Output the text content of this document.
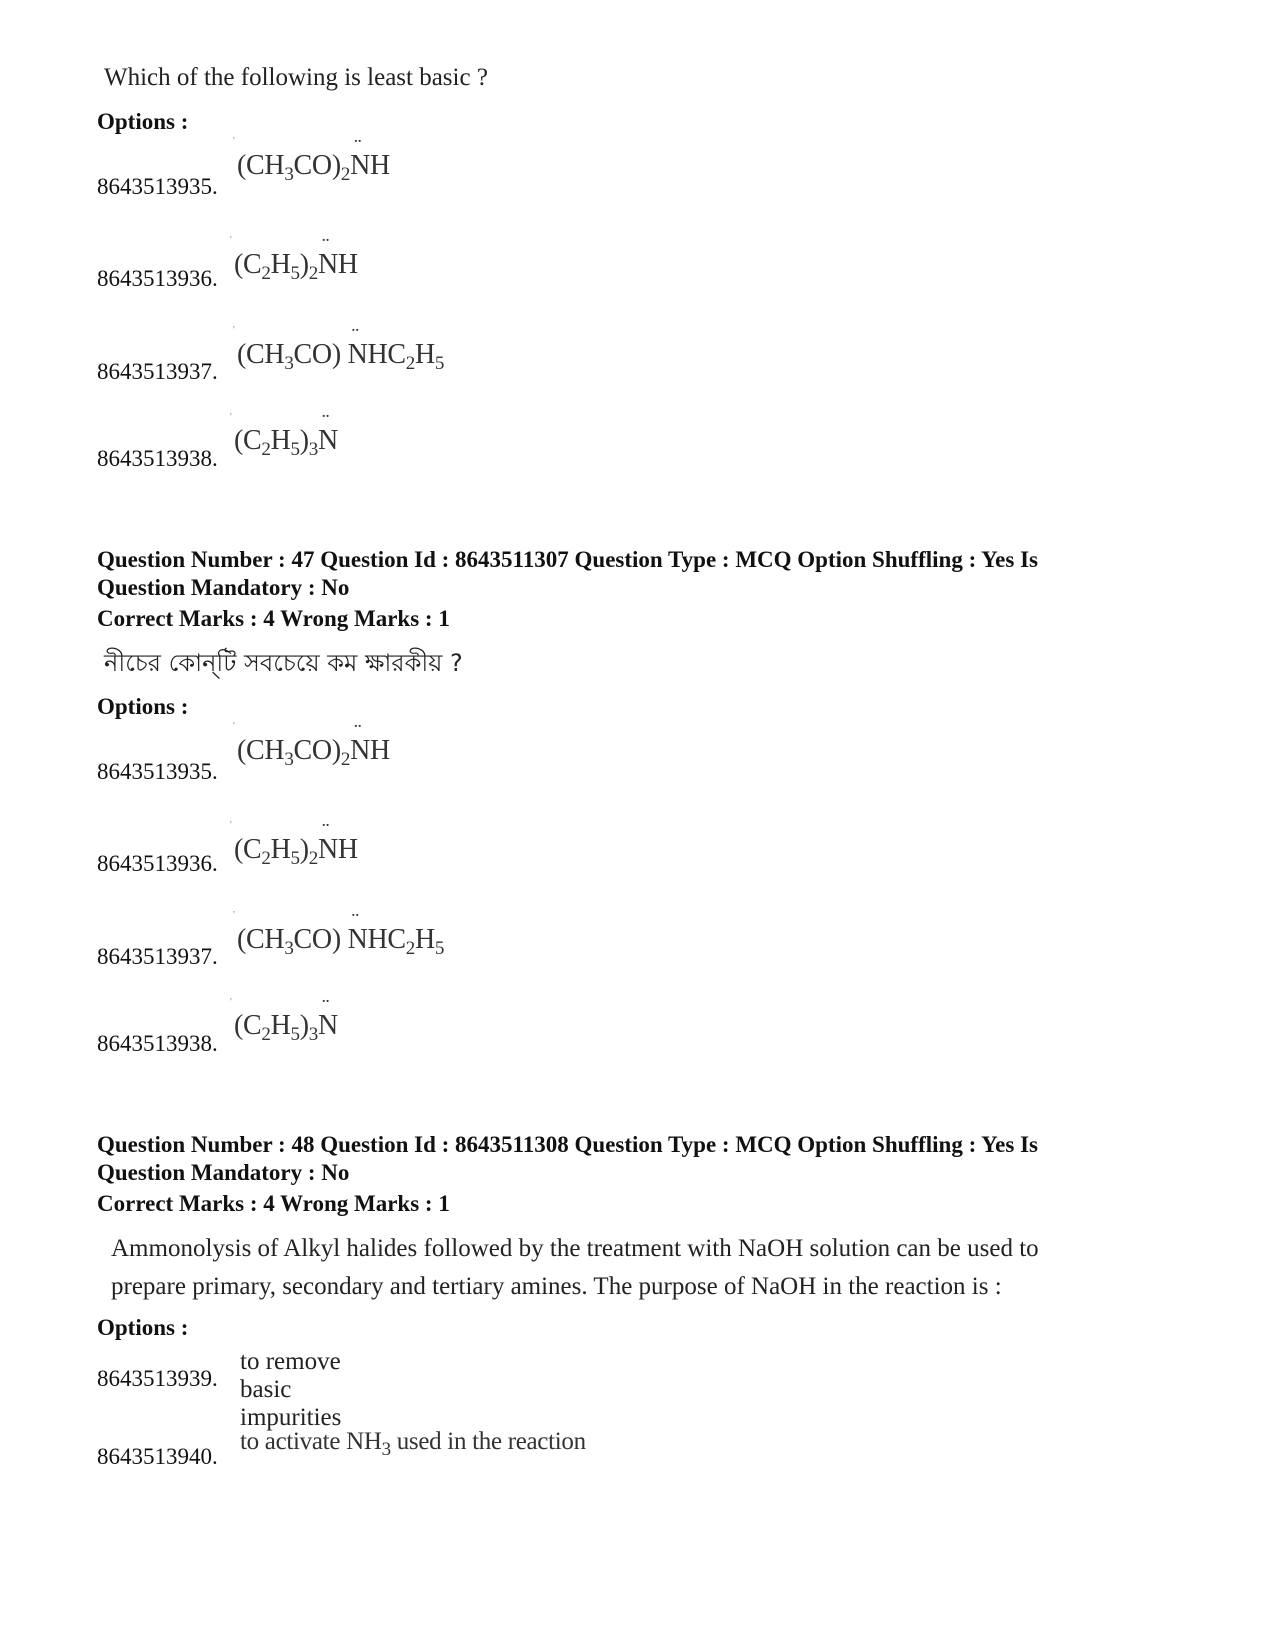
Which of the following is least basic ?
Options :
'
$(CH_3CO)_2¨$ NH
8643513935.
'
$(C_2H_5)_2¨$ NH
8643513936.
'
$(CH_3CO)$ ¨ $NHC_2H_5$
8643513937.
'
$(C_2H_5)_3¨$ N
8643513938.
Question Number : 47 Question Id : 8643511307 Question Type : MCQ Option Shuffling : Yes Is
Question Mandatory : No
Correct Marks : 4 Wrong Marks : 1
নীচের কোন্‌টি সবচেয়ে কম ক্ষারকীয় ?
Options :
'
$(CH_3CO)_2¨$ NH
8643513935.
'
$(C_2H_5)_2¨$ NH
8643513936.
'
$(CH_3CO)$ ¨ $NHC_2H_5$
8643513937.
'
$(C_2H_5)_3¨$ N
8643513938.
Question Number : 48 Question Id : 8643511308 Question Type : MCQ Option Shuffling : Yes Is
Question Mandatory : No
Correct Marks : 4 Wrong Marks : 1
Ammonolysis of Alkyl halides followed by the treatment with NaOH solution can be used to
prepare primary, secondary and tertiary amines. The purpose of NaOH in the reaction is :
Options :
to remove basic impurities
8643513939.
to activate $NH_3$ used in the reaction
8643513940.
